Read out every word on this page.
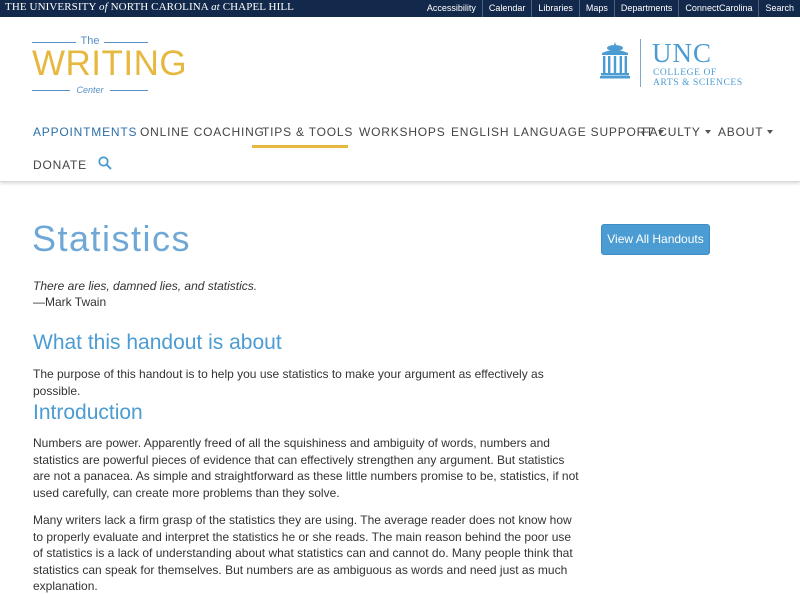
THE UNIVERSITY of NORTH CAROLINA at CHAPEL HILL	Accessibility	Calendar	Libraries	Maps	Departments	ConnectCarolina	Search
The
WRITING
Center
UNC
COLLEGE OF
ARTS & SCIENCES
APPOINTMENTS ONLINE COACHING
TIPS & TOOLS WORKSHOPS ENGLISH LANGUAGE SUPPORT
FACULTY	ABOUT
DONATE
Statistics	View All Handouts
There are lies, damned lies, and statistics.
—Mark Twain
What this handout is about

The purpose of this handout is to help you use statistics to make your argument as effectively as possible.

Introduction

Numbers are power. Apparently freed of all the squishiness and ambiguity of words, numbers and statistics are powerful pieces of evidence that can effectively strengthen any argument. But statistics are not a panacea. As simple and straightforward as these little numbers promise to be, statistics, if not used carefully, can create more problems than they solve.

Many writers lack a firm grasp of the statistics they are using. The average reader does not know how to properly evaluate and interpret the statistics he or she reads. The main reason behind the poor use of statistics is a lack of understanding about what statistics can and cannot do. Many people think that statistics can speak for themselves. But numbers are as ambiguous as words and need just as much explanation.
